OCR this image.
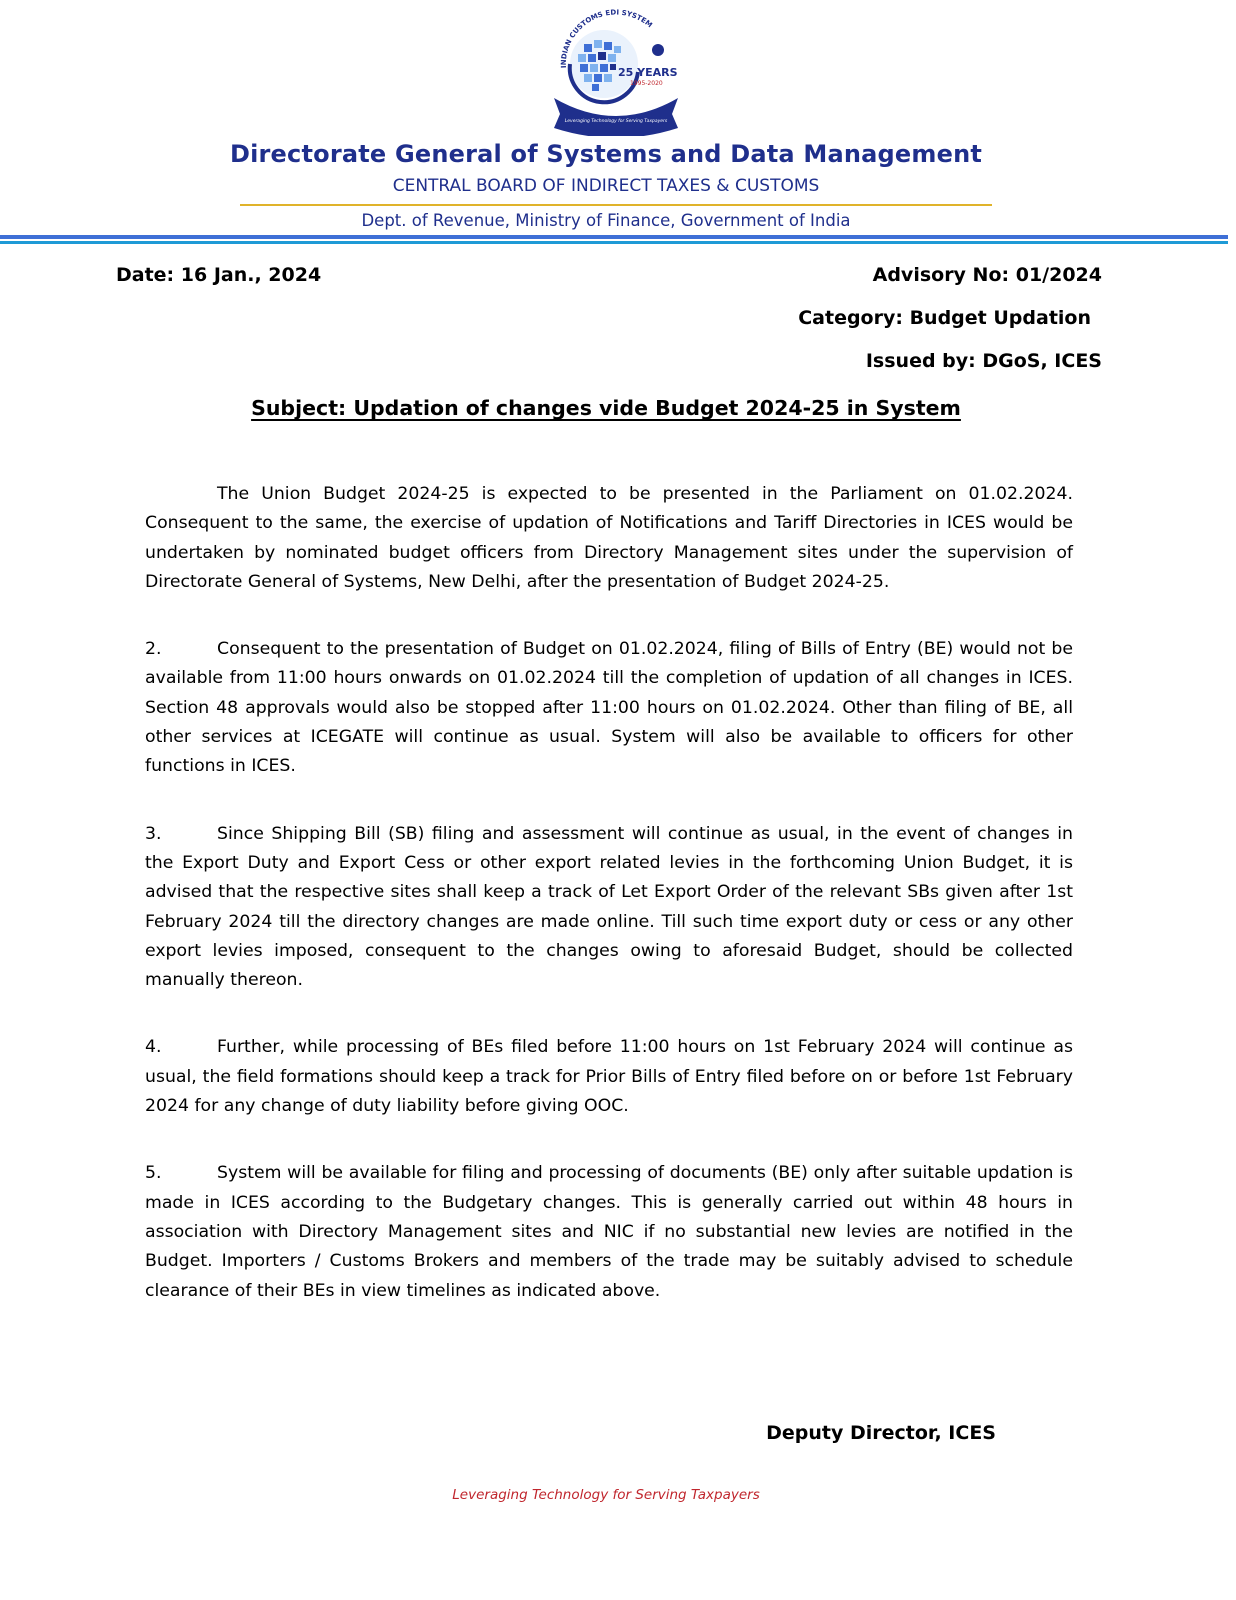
INDIAN CUSTOMS EDI SYSTEM
25 YEARS
1995-2020
Leveraging Technology for Serving Taxpayers
Directorate General of Systems and Data Management
CENTRAL BOARD OF INDIRECT TAXES & CUSTOMS
Dept. of Revenue, Ministry of Finance, Government of India
Date: 16 Jan., 2024	Advisory No: 01/2024
Category: Budget Updation
Issued by: DGoS, ICES
Subject: Updation of changes vide Budget 2024-25 in System

The Union Budget 2024-25 is expected to be presented in the Parliament on 01.02.2024. Consequent to the same, the exercise of updation of Notifications and Tariff Directories in ICES would be undertaken by nominated budget officers from Directory Management sites under the supervision of Directorate General of Systems, New Delhi, after the presentation of Budget 2024-25.

2.	Consequent to the presentation of Budget on 01.02.2024, filing of Bills of Entry (BE) would not be available from 11:00 hours onwards on 01.02.2024 till the completion of updation of all changes in ICES. Section 48 approvals would also be stopped after 11:00 hours on 01.02.2024. Other than filing of BE, all other services at ICEGATE will continue as usual. System will also be available to officers for other functions in ICES.

3.	Since Shipping Bill (SB) filing and assessment will continue as usual, in the event of changes in the Export Duty and Export Cess or other export related levies in the forthcoming Union Budget, it is advised that the respective sites shall keep a track of Let Export Order of the relevant SBs given after 1st February 2024 till the directory changes are made online. Till such time export duty or cess or any other export levies imposed, consequent to the changes owing to aforesaid Budget, should be collected manually thereon.

4.	Further, while processing of BEs filed before 11:00 hours on 1st February 2024 will continue as usual, the field formations should keep a track for Prior Bills of Entry filed before on or before 1st February 2024 for any change of duty liability before giving OOC.

5.	System will be available for filing and processing of documents (BE) only after suitable updation is made in ICES according to the Budgetary changes. This is generally carried out within 48 hours in association with Directory Management sites and NIC if no substantial new levies are notified in the Budget. Importers / Customs Brokers and members of the trade may be suitably advised to schedule clearance of their BEs in view timelines as indicated above.

Deputy Director, ICES
Leveraging Technology for Serving Taxpayers
